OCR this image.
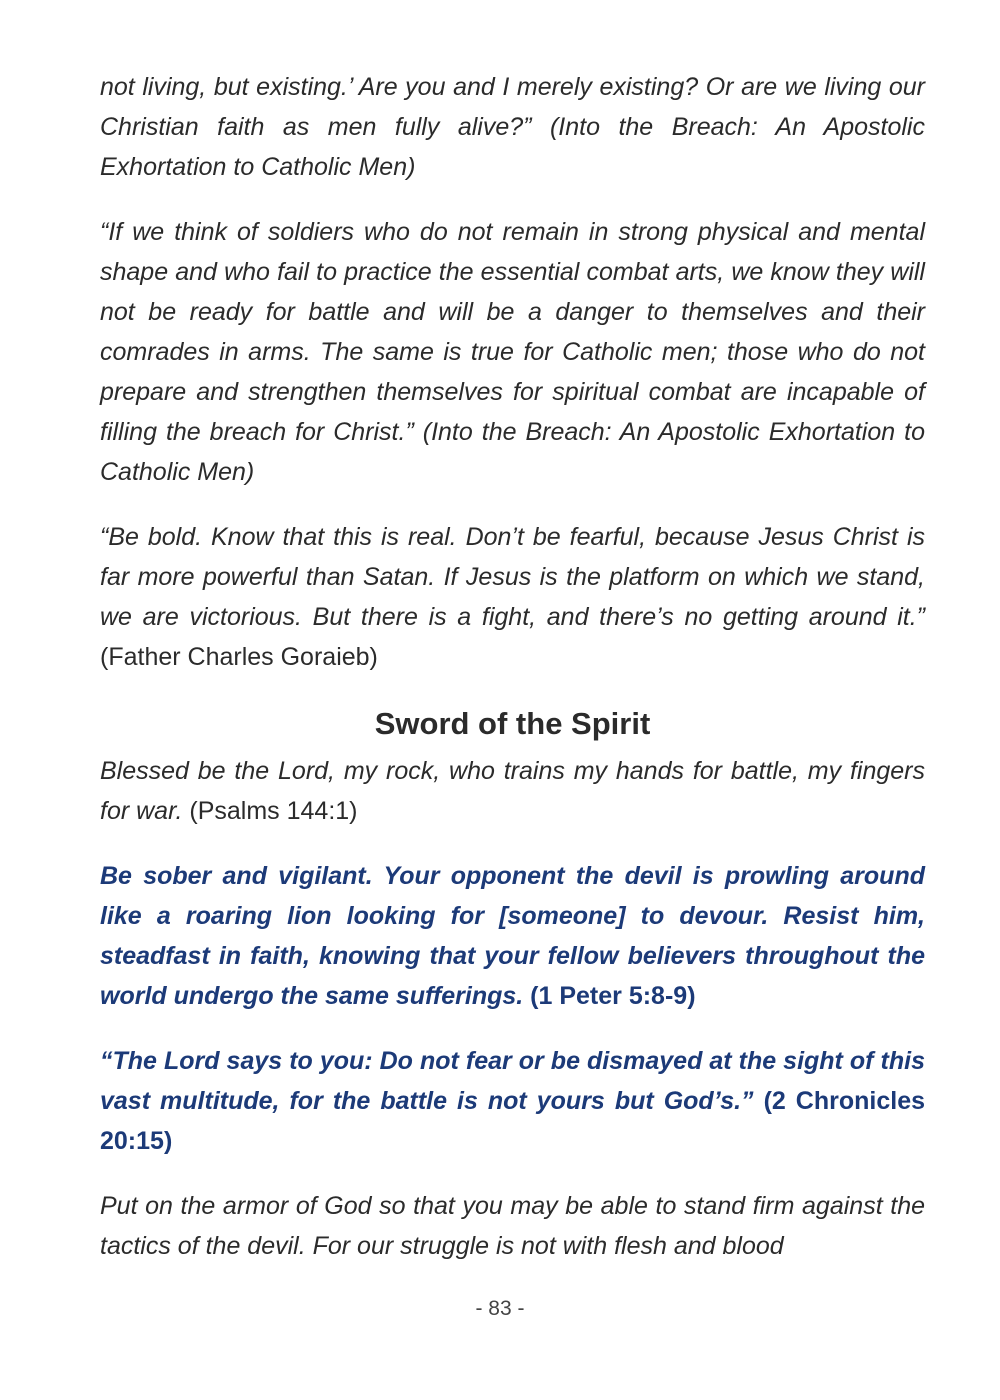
not living, but existing.’ Are you and I merely existing? Or are we living our Christian faith as men fully alive?” (Into the Breach: An Apostolic Exhortation to Catholic Men)

“If we think of soldiers who do not remain in strong physical and mental shape and who fail to practice the essential combat arts, we know they will not be ready for battle and will be a danger to themselves and their comrades in arms. The same is true for Catholic men; those who do not prepare and strengthen themselves for spiritual combat are incapable of filling the breach for Christ.” (Into the Breach: An Apostolic Exhortation to Catholic Men)

“Be bold. Know that this is real. Don’t be fearful, because Jesus Christ is far more powerful than Satan. If Jesus is the platform on which we stand, we are victorious. But there is a fight, and there’s no getting around it.” (Father Charles Goraieb)

Sword of the Spirit

Blessed be the Lord, my rock, who trains my hands for battle, my fingers for war. (Psalms 144:1)

Be sober and vigilant. Your opponent the devil is prowling around like a roaring lion looking for [someone] to devour. Resist him, steadfast in faith, knowing that your fellow believers throughout the world undergo the same sufferings. (1 Peter 5:8-9)

“The Lord says to you: Do not fear or be dismayed at the sight of this vast multitude, for the battle is not yours but God’s.” (2 Chronicles 20:15)

Put on the armor of God so that you may be able to stand firm against the tactics of the devil. For our struggle is not with flesh and blood

- 83 -
